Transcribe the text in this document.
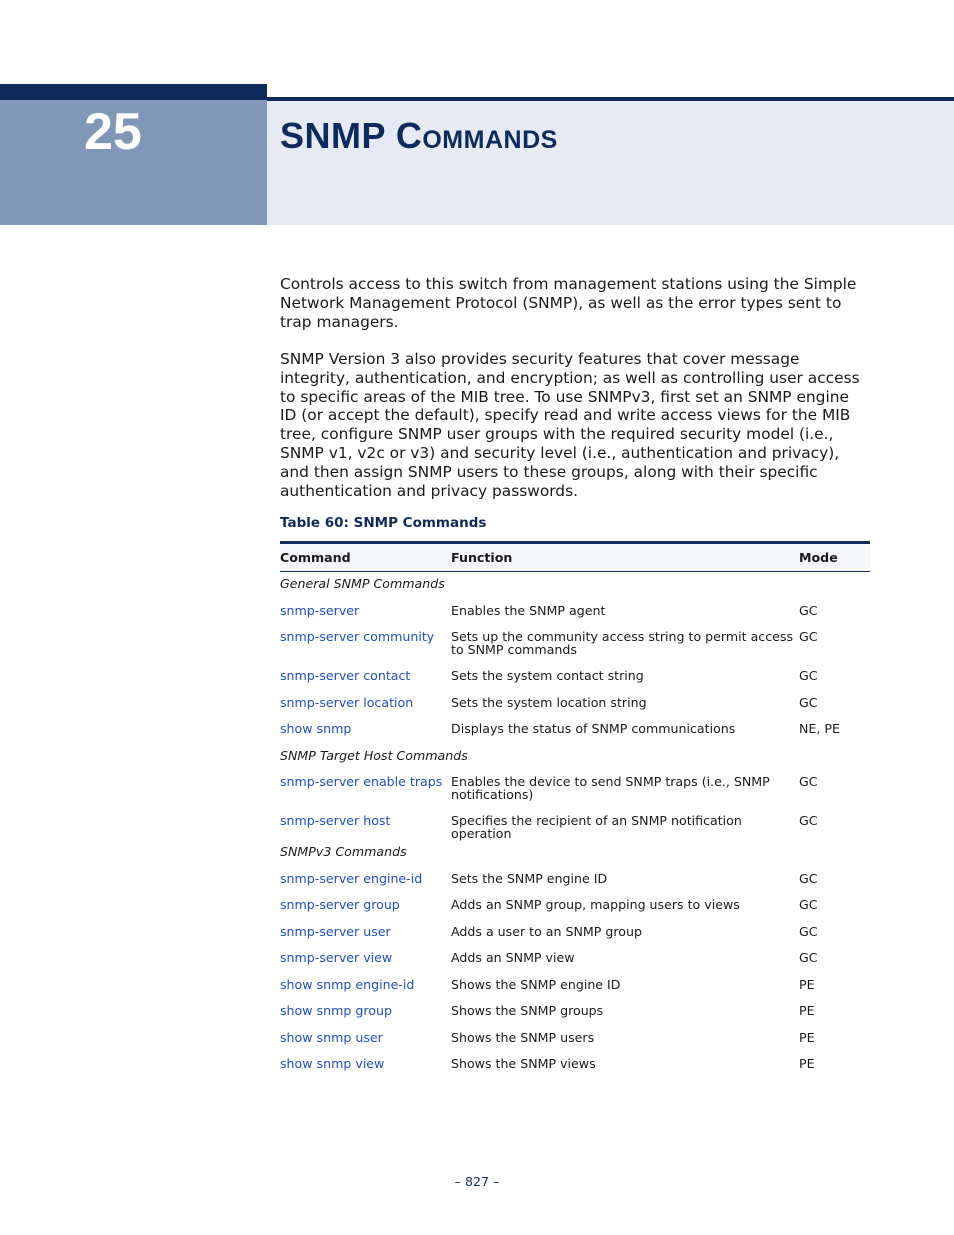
25	SNMP Commands

Controls access to this switch from management stations using the Simple Network Management Protocol (SNMP), as well as the error types sent to trap managers.

SNMP Version 3 also provides security features that cover message integrity, authentication, and encryption; as well as controlling user access to specific areas of the MIB tree. To use SNMPv3, first set an SNMP engine ID (or accept the default), specify read and write access views for the MIB tree, configure SNMP user groups with the required security model (i.e., SNMP v1, v2c or v3) and security level (i.e., authentication and privacy), and then assign SNMP users to these groups, along with their specific authentication and privacy passwords.

Table 60: SNMP Commands
Command	Function	Mode
General SNMP Commands		
snmp-server	Enables the SNMP agent	GC
snmp-server community	Sets up the community access string to permit access to SNMP commands	GC
snmp-server contact	Sets the system contact string	GC
snmp-server location	Sets the system location string	GC
show snmp	Displays the status of SNMP communications	NE, PE
SNMP Target Host Commands		
snmp-server enable traps	Enables the device to send SNMP traps (i.e., SNMP notifications)	GC
snmp-server host	Specifies the recipient of an SNMP notification operation	GC
SNMPv3 Commands		
snmp-server engine-id	Sets the SNMP engine ID	GC
snmp-server group	Adds an SNMP group, mapping users to views	GC
snmp-server user	Adds a user to an SNMP group	GC
snmp-server view	Adds an SNMP view	GC
show snmp engine-id	Shows the SNMP engine ID	PE
show snmp group	Shows the SNMP groups	PE
show snmp user	Shows the SNMP users	PE
show snmp view	Shows the SNMP views	PE
– 827 –
